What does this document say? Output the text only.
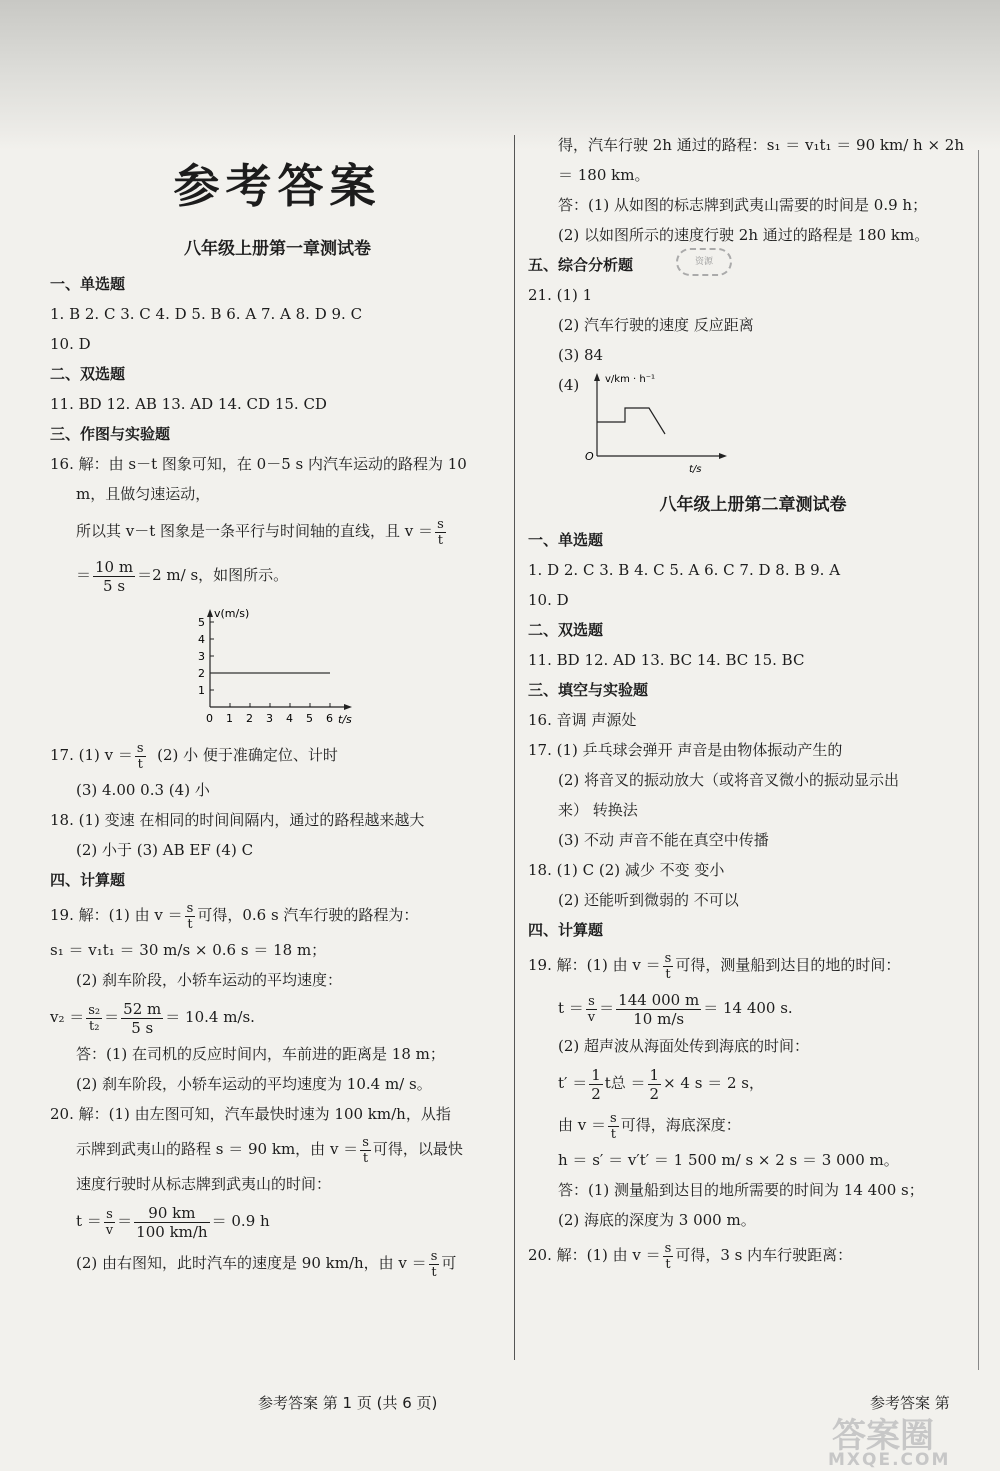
参考答案
八年级上册第一章测试卷

一、单选题

1. B 2. C 3. C 4. D 5. B 6. A 7. A 8. D 9. C

10. D

二、双选题

11. BD 12. AB 13. AD 14. CD 15. CD

三、作图与实验题

16. 解：由 s－t 图象可知，在 0－5 s 内汽车运动的路程为 10

m，且做匀速运动，

所以其 v－t 图象是一条平行与时间轴的直线，且 $v = \frac{s}{t}$

＝ $\frac{10 m}{5 s} =2$ m/ s，如图所示。

v(m/s)
t/s
1
2
3
4
5
0 1 2 3 4 5 6

17. (1) $v = \frac{s}{t} (2)$ 小 便于准确定位、计时

(3) 4.00 0.3 (4) 小

18. (1) 变速 在相同的时间间隔内，通过的路程越来越大

(2) 小于 (3) AB EF (4) C

四、计算题

19. 解：(1) 由 $v = \frac{s}{t}$ 可得，0.6 s 汽车行驶的路程为：

s₁ ＝ v₁t₁ ＝ 30 m/s × 0.6 s ＝ 18 m；

(2) 刹车阶段，小轿车运动的平均速度：

$v_2 = \frac{\text{s₂}}{\text{t₂}} = \frac{52 m}{5 s} = 10.4$ m/s.

答：(1) 在司机的反应时间内，车前进的距离是 18 m；

(2) 刹车阶段，小轿车运动的平均速度为 10.4 m/ s。

20. 解：(1) 由左图可知，汽车最快时速为 100 km/h，从指

示牌到武夷山的路程 s ＝ 90 km，由 $v = \frac{s}{t}$ 可得，以最快

速度行驶时从标志牌到武夷山的时间：

$t = \frac{s}{v} = \frac{90 km}{100 km/h} = 0.9$ h

(2) 由右图知，此时汽车的速度是 90 km/h，由 $v = \frac{s}{t}$ 可

得，汽车行驶 2h 通过的路程：s₁ ＝ v₁t₁ ＝ 90 km/ h × 2h

＝ 180 km。

答：(1) 从如图的标志牌到武夷山需要的时间是 0.9 h；

(2) 以如图所示的速度行驶 2h 通过的路程是 180 km。

五、综合分析题

21. (1) 1

(2) 汽车行驶的速度 反应距离

(3) 84

(4)	v/km · h⁻¹
O
t/s
八年级上册第二章测试卷

一、单选题

1. D 2. C 3. B 4. C 5. A 6. C 7. D 8. B 9. A

10. D

二、双选题

11. BD 12. AD 13. BC 14. BC 15. BC

三、填空与实验题

16. 音调 声源处

17. (1) 乒乓球会弹开 声音是由物体振动产生的

(2) 将音叉的振动放大（或将音叉微小的振动显示出

来） 转换法

(3) 不动 声音不能在真空中传播

18. (1) C (2) 减少 不变 变小

(2) 还能听到微弱的 不可以

四、计算题

19. 解：(1) 由 $v = \frac{s}{t}$ 可得，测量船到达目的地的时间：

$t = \frac{s}{v} = \frac{144 000 m}{10 m/s} = 14$ 400 s.

(2) 超声波从海面处传到海底的时间：

$t' = \frac{1}{2}$ t总 ＝ $\frac{1}{2} \times 4$ s ＝ 2 s，

由 $v = \frac{s}{t}$ 可得，海底深度：

h ＝ s′ ＝ v′t′ ＝ 1 500 m/ s × 2 s ＝ 3 000 m。

答：(1) 测量船到达目的地所需要的时间为 14 400 s；

(2) 海底的深度为 3 000 m。

20. 解：(1) 由 $v = \frac{s}{t}$ 可得，3 s 内车行驶距离：

资源
参考答案 第 1 页 (共 6 页)	参考答案 第
答案圈
MXQE.COM
